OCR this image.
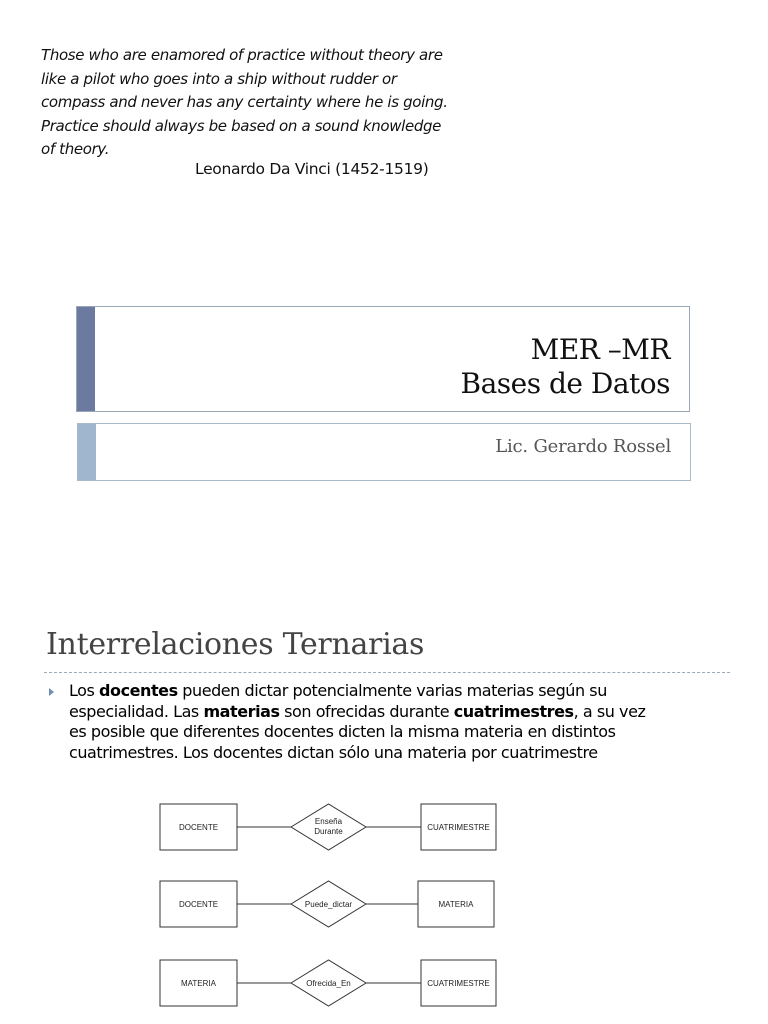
Those who are enamored of practice without theory are
like a pilot who goes into a ship without rudder or
compass and never has any certainty where he is going.
Practice should always be based on a sound knowledge
of theory.
Leonardo Da Vinci (1452-1519)
MER –MR
Bases de Datos
Lic. Gerardo Rossel
Interrelaciones Ternarias
Los docentes pueden dictar potencialmente varias materias según su
especialidad. Las materias son ofrecidas durante cuatrimestres, a su vez
es posible que diferentes docentes dicten la misma materia en distintos
cuatrimestres. Los docentes dictan sólo una materia por cuatrimestre
DOCENTE
Enseña
Durante	CUATRIMESTRE
DOCENTE	Puede_dictar	MATERIA
MATERIA	Ofrecida_En	CUATRIMESTRE
